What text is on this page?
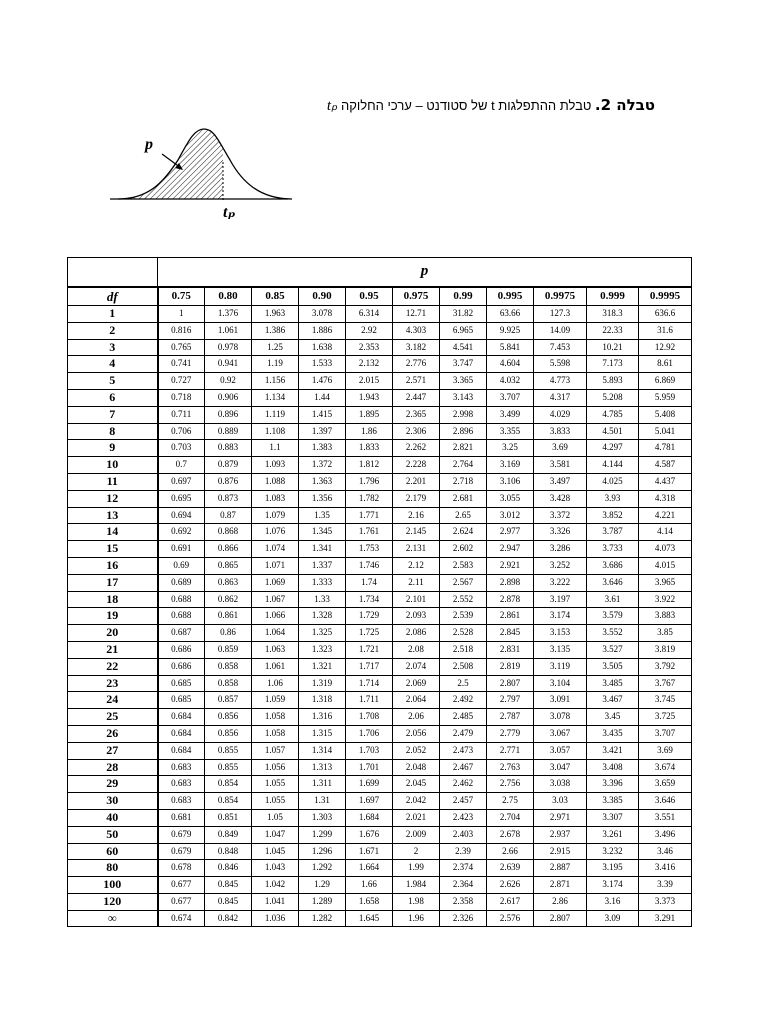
טבלה 2. טבלת ההתפלגות t של סטודנט – ערכי החלוקה tₚ
p
tₚ
	p										
df	0.75	0.80	0.85	0.90	0.95	0.975	0.99	0.995	0.9975	0.999	0.9995
1	1	1.376	1.963	3.078	6.314	12.71	31.82	63.66	127.3	318.3	636.6
2	0.816	1.061	1.386	1.886	2.92	4.303	6.965	9.925	14.09	22.33	31.6
3	0.765	0.978	1.25	1.638	2.353	3.182	4.541	5.841	7.453	10.21	12.92
4	0.741	0.941	1.19	1.533	2.132	2.776	3.747	4.604	5.598	7.173	8.61
5	0.727	0.92	1.156	1.476	2.015	2.571	3.365	4.032	4.773	5.893	6.869
6	0.718	0.906	1.134	1.44	1.943	2.447	3.143	3.707	4.317	5.208	5.959
7	0.711	0.896	1.119	1.415	1.895	2.365	2.998	3.499	4.029	4.785	5.408
8	0.706	0.889	1.108	1.397	1.86	2.306	2.896	3.355	3.833	4.501	5.041
9	0.703	0.883	1.1	1.383	1.833	2.262	2.821	3.25	3.69	4.297	4.781
10	0.7	0.879	1.093	1.372	1.812	2.228	2.764	3.169	3.581	4.144	4.587
11	0.697	0.876	1.088	1.363	1.796	2.201	2.718	3.106	3.497	4.025	4.437
12	0.695	0.873	1.083	1.356	1.782	2.179	2.681	3.055	3.428	3.93	4.318
13	0.694	0.87	1.079	1.35	1.771	2.16	2.65	3.012	3.372	3.852	4.221
14	0.692	0.868	1.076	1.345	1.761	2.145	2.624	2.977	3.326	3.787	4.14
15	0.691	0.866	1.074	1.341	1.753	2.131	2.602	2.947	3.286	3.733	4.073
16	0.69	0.865	1.071	1.337	1.746	2.12	2.583	2.921	3.252	3.686	4.015
17	0.689	0.863	1.069	1.333	1.74	2.11	2.567	2.898	3.222	3.646	3.965
18	0.688	0.862	1.067	1.33	1.734	2.101	2.552	2.878	3.197	3.61	3.922
19	0.688	0.861	1.066	1.328	1.729	2.093	2.539	2.861	3.174	3.579	3.883
20	0.687	0.86	1.064	1.325	1.725	2.086	2.528	2.845	3.153	3.552	3.85
21	0.686	0.859	1.063	1.323	1.721	2.08	2.518	2.831	3.135	3.527	3.819
22	0.686	0.858	1.061	1.321	1.717	2.074	2.508	2.819	3.119	3.505	3.792
23	0.685	0.858	1.06	1.319	1.714	2.069	2.5	2.807	3.104	3.485	3.767
24	0.685	0.857	1.059	1.318	1.711	2.064	2.492	2.797	3.091	3.467	3.745
25	0.684	0.856	1.058	1.316	1.708	2.06	2.485	2.787	3.078	3.45	3.725
26	0.684	0.856	1.058	1.315	1.706	2.056	2.479	2.779	3.067	3.435	3.707
27	0.684	0.855	1.057	1.314	1.703	2.052	2.473	2.771	3.057	3.421	3.69
28	0.683	0.855	1.056	1.313	1.701	2.048	2.467	2.763	3.047	3.408	3.674
29	0.683	0.854	1.055	1.311	1.699	2.045	2.462	2.756	3.038	3.396	3.659
30	0.683	0.854	1.055	1.31	1.697	2.042	2.457	2.75	3.03	3.385	3.646
40	0.681	0.851	1.05	1.303	1.684	2.021	2.423	2.704	2.971	3.307	3.551
50	0.679	0.849	1.047	1.299	1.676	2.009	2.403	2.678	2.937	3.261	3.496
60	0.679	0.848	1.045	1.296	1.671	2	2.39	2.66	2.915	3.232	3.46
80	0.678	0.846	1.043	1.292	1.664	1.99	2.374	2.639	2.887	3.195	3.416
100	0.677	0.845	1.042	1.29	1.66	1.984	2.364	2.626	2.871	3.174	3.39
120	0.677	0.845	1.041	1.289	1.658	1.98	2.358	2.617	2.86	3.16	3.373
∞	0.674	0.842	1.036	1.282	1.645	1.96	2.326	2.576	2.807	3.09	3.291
